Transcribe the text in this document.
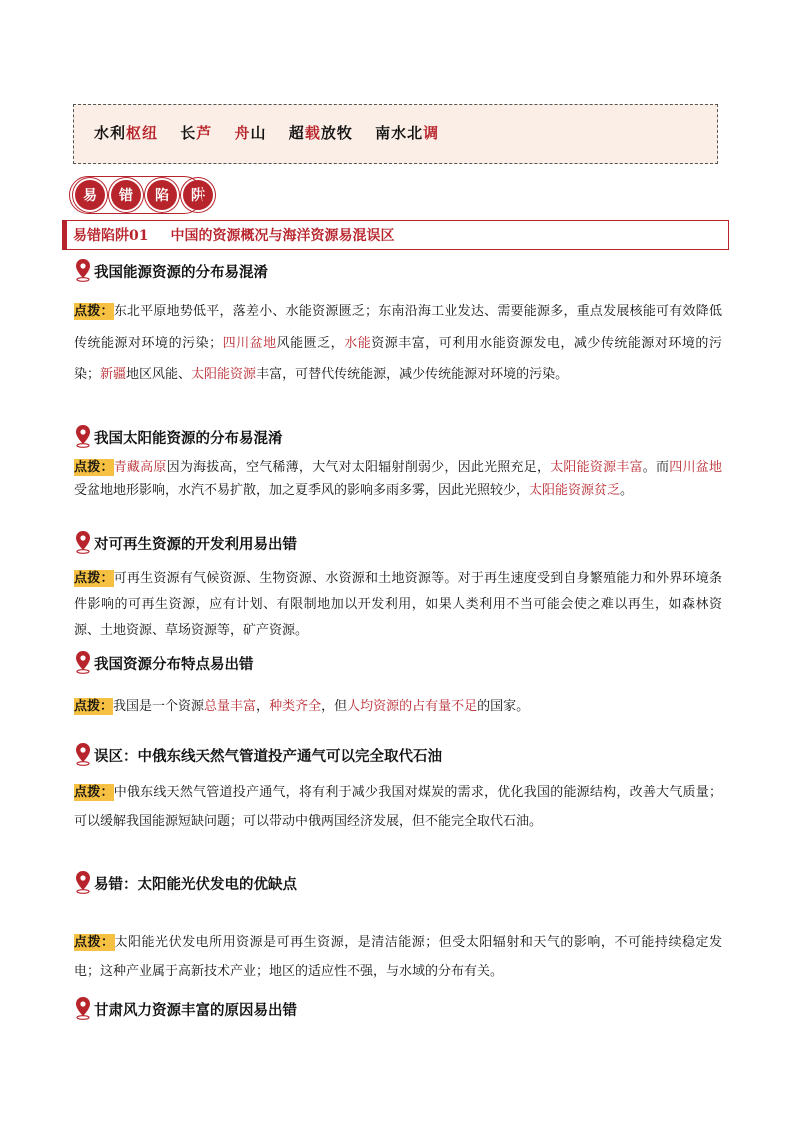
水利枢纽 长芦 舟山 超载放牧 南水北调
易	错	陷	阱
易错陷阱01 中国的资源概况与海洋资源易混误区
我国能源资源的分布易混淆
点拨：东北平原地势低平，落差小、水能资源匮乏；东南沿海工业发达、需要能源多，重点发展核能可有效降低传统能源对环境的污染；四川盆地风能匮乏，水能资源丰富，可利用水能资源发电，减少传统能源对环境的污染；新疆地区风能、太阳能资源丰富，可替代传统能源，减少传统能源对环境的污染。
我国太阳能资源的分布易混淆
点拨：青藏高原因为海拔高，空气稀薄，大气对太阳辐射削弱少，因此光照充足，太阳能资源丰富。而四川盆地受盆地地形影响，水汽不易扩散，加之夏季风的影响多雨多雾，因此光照较少，太阳能资源贫乏。
对可再生资源的开发利用易出错
点拨：可再生资源有气候资源、生物资源、水资源和土地资源等。对于再生速度受到自身繁殖能力和外界环境条件影响的可再生资源，应有计划、有限制地加以开发利用，如果人类利用不当可能会使之难以再生，如森林资源、土地资源、草场资源等，矿产资源。
我国资源分布特点易出错
点拨：我国是一个资源总量丰富，种类齐全，但人均资源的占有量不足的国家。
误区：中俄东线天然气管道投产通气可以完全取代石油
点拨：中俄东线天然气管道投产通气，将有利于减少我国对煤炭的需求，优化我国的能源结构，改善大气质量；可以缓解我国能源短缺问题；可以带动中俄两国经济发展，但不能完全取代石油。
易错：太阳能光伏发电的优缺点
点拨：太阳能光伏发电所用资源是可再生资源，是清洁能源；但受太阳辐射和天气的影响，不可能持续稳定发电；这种产业属于高新技术产业；地区的适应性不强，与水域的分布有关。
甘肃风力资源丰富的原因易出错
